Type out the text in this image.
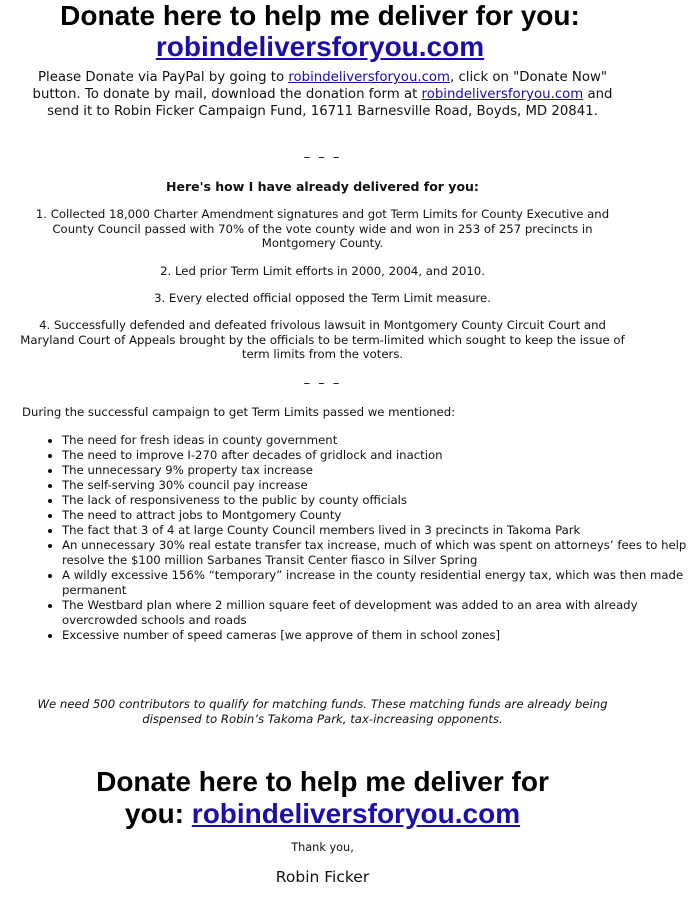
Donate here to help me deliver for you:

robindeliversforyou.com

Please Donate via PayPal by going to robindeliversforyou.com, click on "Donate Now" button. To donate by mail, download the donation form at robindeliversforyou.com and send it to Robin Ficker Campaign Fund, 16711 Barnesville Road, Boyds, MD 20841.

– – –

Here's how I have already delivered for you:

1. Collected 18,000 Charter Amendment signatures and got Term Limits for County Executive and County Council passed with 70% of the vote county wide and won in 253 of 257 precincts in Montgomery County.

2. Led prior Term Limit efforts in 2000, 2004, and 2010.

3. Every elected official opposed the Term Limit measure.

4. Successfully defended and defeated frivolous lawsuit in Montgomery County Circuit Court and Maryland Court of Appeals brought by the officials to be term-limited which sought to keep the issue of term limits from the voters.

– – –

During the successful campaign to get Term Limits passed we mentioned:

• The need for fresh ideas in county government
• The need to improve I-270 after decades of gridlock and inaction
• The unnecessary 9% property tax increase
• The self-serving 30% council pay increase
• The lack of responsiveness to the public by county officials
• The need to attract jobs to Montgomery County
• The fact that 3 of 4 at large County Council members lived in 3 precincts in Takoma Park
• An unnecessary 30% real estate transfer tax increase, much of which was spent on attorneys’ fees to help resolve the $100 million Sarbanes Transit Center fiasco in Silver Spring
• A wildly excessive 156% “temporary” increase in the county residential energy tax, which was then made permanent
• The Westbard plan where 2 million square feet of development was added to an area with already overcrowded schools and roads
• Excessive number of speed cameras [we approve of them in school zones]

We need 500 contributors to qualify for matching funds. These matching funds are already being dispensed to Robin’s Takoma Park, tax-increasing opponents.

Donate here to help me deliver for

you: robindeliversforyou.com

Thank you,

Robin Ficker
